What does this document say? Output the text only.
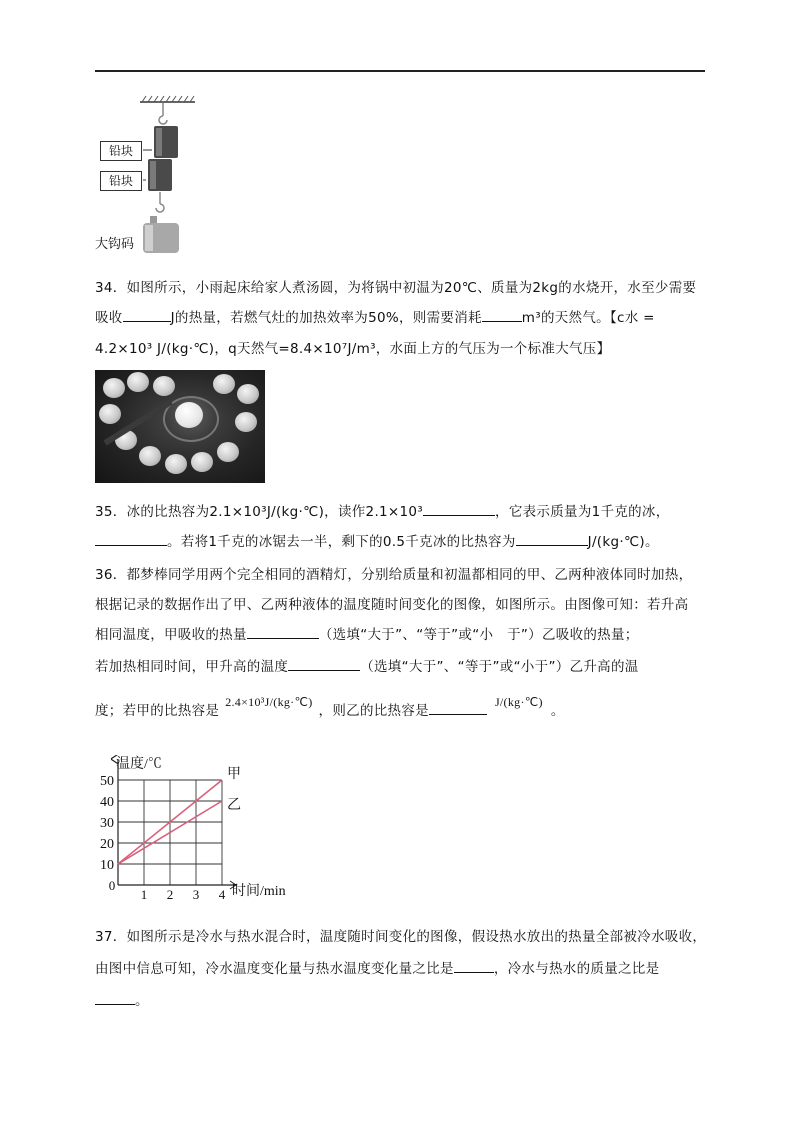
铅块
铅块
大钩码
34．如图所示，小雨起床给家人煮汤圆，为将锅中初温为20℃、质量为2kg的水烧开，水至少需要
吸收	J的热量，若燃气灶的加热效率为50%，则需要消耗	m³的天然气。【c水 =
4.2×10³ J/(kg·℃)，q天然气=8.4×10⁷J/m³，水面上方的气压为一个标准大气压】
35．冰的比热容为2.1×10³J/(kg·℃)，读作2.1×10³	，它表示质量为1千克的冰，
。若将1千克的冰锯去一半，剩下的0.5千克冰的比热容为	J/(kg·℃)。
36．都梦棒同学用两个完全相同的酒精灯，分别给质量和初温都相同的甲、乙两种液体同时加热，
根据记录的数据作出了甲、乙两种液体的温度随时间变化的图像，如图所示。由图像可知：若升高
相同温度，甲吸收的热量	（选填“大于”、“等于”或“小　于”）乙吸收的热量；
若加热相同时间，甲升高的温度	（选填“大于”、“等于”或“小于”）乙升高的温
度；若甲的比热容是2.4×10³J/(kg·℃)，则乙的比热容是J/(kg·℃)。
10
20
30
40
50
0
1 2 3 4
温度/℃
时间/min
甲
乙
37．如图所示是冷水与热水混合时，温度随时间变化的图像，假设热水放出的热量全部被冷水吸收，
由图中信息可知，冷水温度变化量与热水温度变化量之比是	，冷水与热水的质量之比是
。
